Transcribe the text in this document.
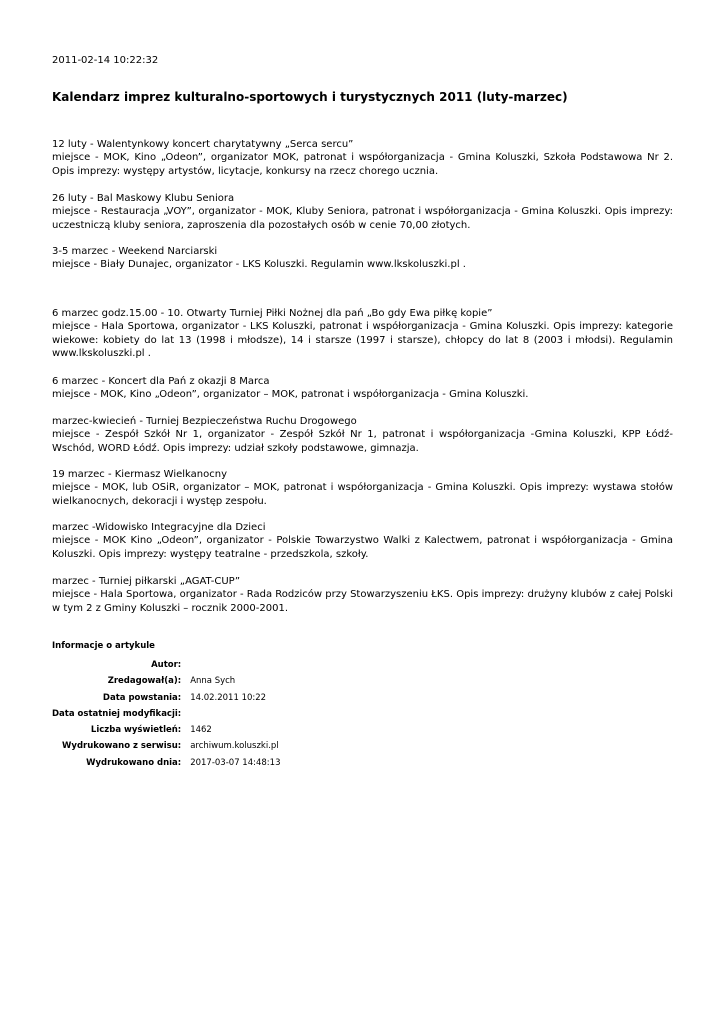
2011-02-14 10:22:32
Kalendarz imprez kulturalno-sportowych i turystycznych 2011 (luty-marzec)
12 luty - Walentynkowy koncert charytatywny „Serca sercu”
miejsce - MOK, Kino „Odeon”, organizator MOK, patronat i współorganizacja - Gmina Koluszki, Szkoła Podstawowa Nr 2. Opis imprezy: występy artystów, licytacje, konkursy na rzecz chorego ucznia.
26 luty - Bal Maskowy Klubu Seniora
miejsce - Restauracja „VOY”, organizator - MOK, Kluby Seniora, patronat i współorganizacja - Gmina Koluszki. Opis imprezy: uczestniczą kluby seniora, zaproszenia dla pozostałych osób w cenie 70,00 złotych.
3-5 marzec - Weekend Narciarski
miejsce - Biały Dunajec, organizator - LKS Koluszki. Regulamin www.lkskoluszki.pl .
6 marzec godz.15.00 - 10. Otwarty Turniej Piłki Nożnej dla pań „Bo gdy Ewa piłkę kopie”
miejsce - Hala Sportowa, organizator - LKS Koluszki, patronat i współorganizacja - Gmina Koluszki. Opis imprezy: kategorie wiekowe: kobiety do lat 13 (1998 i młodsze), 14 i starsze (1997 i starsze), chłopcy do lat 8 (2003 i młodsi). Regulamin www.lkskoluszki.pl .
6 marzec - Koncert dla Pań z okazji 8 Marca
miejsce - MOK, Kino „Odeon”, organizator – MOK, patronat i współorganizacja - Gmina Koluszki.
marzec-kwiecień - Turniej Bezpieczeństwa Ruchu Drogowego
miejsce - Zespół Szkół Nr 1, organizator - Zespół Szkół Nr 1, patronat i współorganizacja -Gmina Koluszki, KPP Łódź- Wschód, WORD Łódź. Opis imprezy: udział szkoły podstawowe, gimnazja.
19 marzec - Kiermasz Wielkanocny
miejsce - MOK, lub OSiR, organizator – MOK, patronat i współorganizacja - Gmina Koluszki. Opis imprezy: wystawa stołów wielkanocnych, dekoracji i występ zespołu.
marzec -Widowisko Integracyjne dla Dzieci
miejsce - MOK Kino „Odeon”, organizator - Polskie Towarzystwo Walki z Kalectwem, patronat i współorganizacja - Gmina Koluszki. Opis imprezy: występy teatralne - przedszkola, szkoły.
marzec - Turniej piłkarski „AGAT-CUP”
miejsce - Hala Sportowa, organizator - Rada Rodziców przy Stowarzyszeniu ŁKS. Opis imprezy: drużyny klubów z całej Polski w tym 2 z Gminy Koluszki – rocznik 2000-2001.
Informacje o artykule
Autor:	
Zredagował(a):	Anna Sych
Data powstania:	14.02.2011 10:22
Data ostatniej modyfikacji:	
Liczba wyświetleń:	1462
Wydrukowano z serwisu:	archiwum.koluszki.pl
Wydrukowano dnia:	2017-03-07 14:48:13
